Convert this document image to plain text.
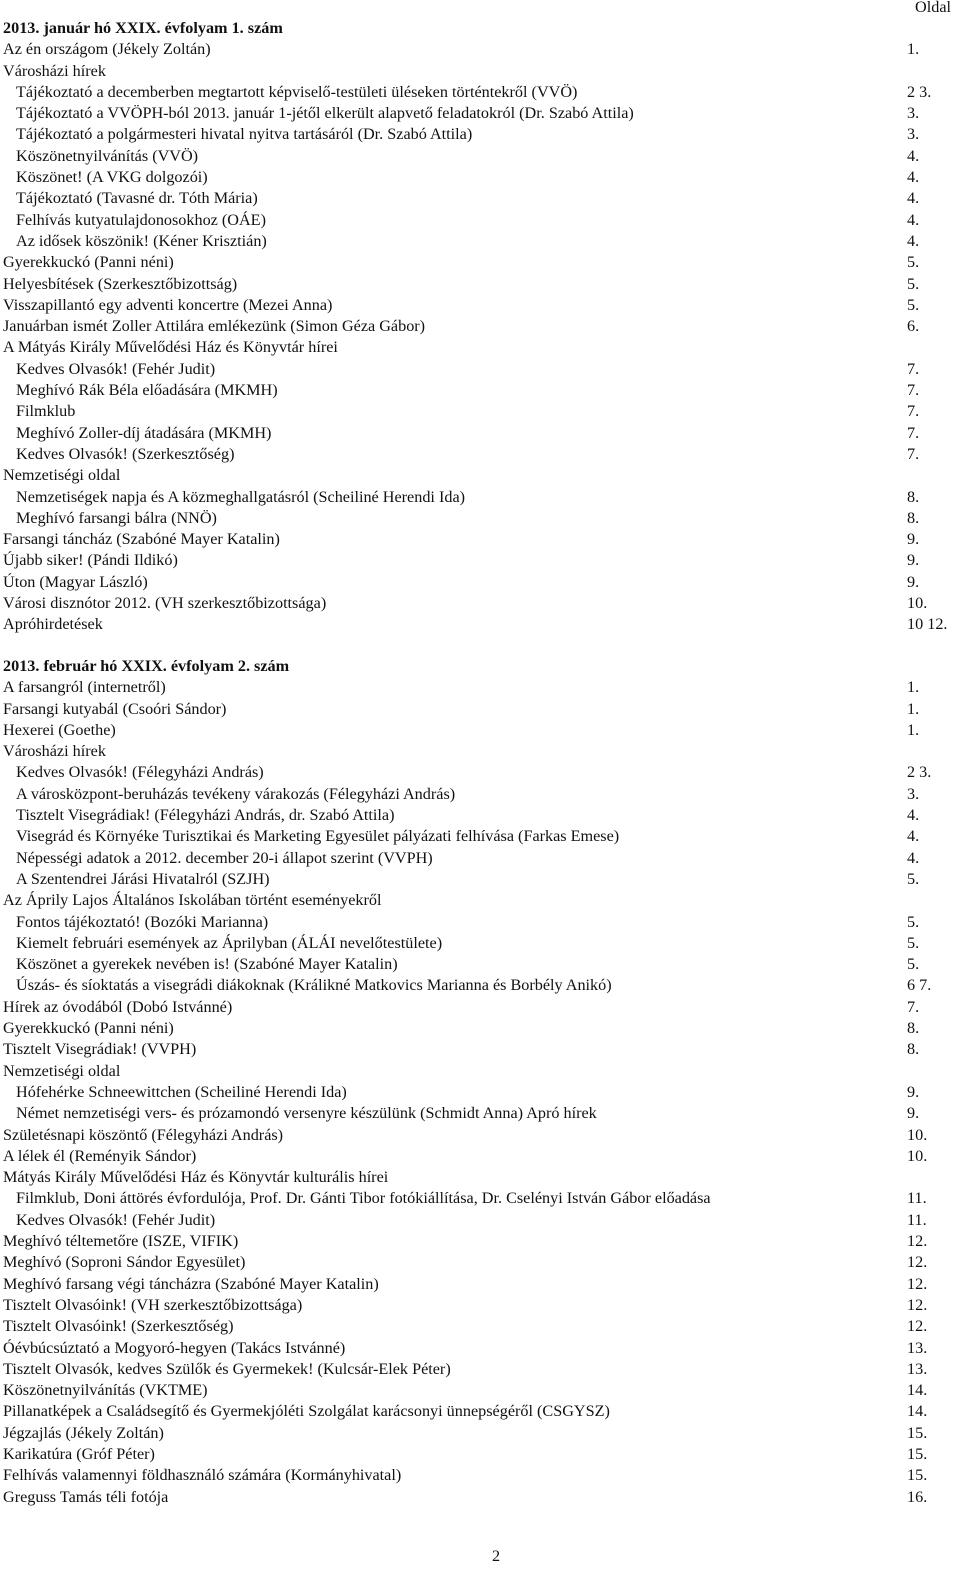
Oldal
2013. január hó XXIX. évfolyam 1. szám
Az én országom (Jékely Zoltán)	1.
Városházi hírek
Tájékoztató a decemberben megtartott képviselő-testületi üléseken történtekről (VVÖ)	2 3.
Tájékoztató a VVÖPH-ból 2013. január 1-jétől elkerült alapvető feladatokról (Dr. Szabó Attila)	3.
Tájékoztató a polgármesteri hivatal nyitva tartásáról (Dr. Szabó Attila)	3.
Köszönetnyilvánítás (VVÖ)	4.
Köszönet! (A VKG dolgozói)	4.
Tájékoztató (Tavasné dr. Tóth Mária)	4.
Felhívás kutyatulajdonosokhoz (OÁE)	4.
Az idősek köszönik! (Kéner Krisztián)	4.
Gyerekkuckó (Panni néni)	5.
Helyesbítések (Szerkesztőbizottság)	5.
Visszapillantó egy adventi koncertre (Mezei Anna)	5.
Januárban ismét Zoller Attilára emlékezünk (Simon Géza Gábor)	6.
A Mátyás Király Művelődési Ház és Könyvtár hírei
Kedves Olvasók! (Fehér Judit)	7.
Meghívó Rák Béla előadására (MKMH)	7.
Filmklub	7.
Meghívó Zoller-díj átadására (MKMH)	7.
Kedves Olvasók! (Szerkesztőség)	7.
Nemzetiségi oldal
Nemzetiségek napja és A közmeghallgatásról (Scheiliné Herendi Ida)	8.
Meghívó farsangi bálra (NNÖ)	8.
Farsangi táncház (Szabóné Mayer Katalin)	9.
Újabb siker! (Pándi Ildikó)	9.
Úton (Magyar László)	9.
Városi disznótor 2012. (VH szerkesztőbizottsága)	10.
Apróhirdetések	10 12.
2013. február hó XXIX. évfolyam 2. szám
A farsangról (internetről)	1.
Farsangi kutyabál (Csoóri Sándor)	1.
Hexerei (Goethe)	1.
Városházi hírek
Kedves Olvasók! (Félegyházi András)	2 3.
A városközpont-beruházás tevékeny várakozás (Félegyházi András)	3.
Tisztelt Visegrádiak! (Félegyházi András, dr. Szabó Attila)	4.
Visegrád és Környéke Turisztikai és Marketing Egyesület pályázati felhívása (Farkas Emese)	4.
Népességi adatok a 2012. december 20-i állapot szerint (VVPH)	4.
A Szentendrei Járási Hivatalról (SZJH)	5.
Az Áprily Lajos Általános Iskolában történt eseményekről
Fontos tájékoztató! (Bozóki Marianna)	5.
Kiemelt februári események az Áprilyban (ÁLÁI nevelőtestülete)	5.
Köszönet a gyerekek nevében is! (Szabóné Mayer Katalin)	5.
Úszás- és síoktatás a visegrádi diákoknak (Králikné Matkovics Marianna és Borbély Anikó)	6 7.
Hírek az óvodából (Dobó Istvánné)	7.
Gyerekkuckó (Panni néni)	8.
Tisztelt Visegrádiak! (VVPH)	8.
Nemzetiségi oldal
Hófehérke Schneewittchen (Scheiliné Herendi Ida)	9.
Német nemzetiségi vers- és prózamondó versenyre készülünk (Schmidt Anna) Apró hírek	9.
Születésnapi köszöntő (Félegyházi András)	10.
A lélek él (Reményik Sándor)	10.
Mátyás Király Művelődési Ház és Könyvtár kulturális hírei
Filmklub, Doni áttörés évfordulója, Prof. Dr. Gánti Tibor fotókiállítása, Dr. Cselényi István Gábor előadása	11.
Kedves Olvasók! (Fehér Judit)	11.
Meghívó téltemetőre (ISZE, VIFIK)	12.
Meghívó (Soproni Sándor Egyesület)	12.
Meghívó farsang végi táncházra (Szabóné Mayer Katalin)	12.
Tisztelt Olvasóink! (VH szerkesztőbizottsága)	12.
Tisztelt Olvasóink! (Szerkesztőség)	12.
Óévbúcsúztató a Mogyoró-hegyen (Takács Istvánné)	13.
Tisztelt Olvasók, kedves Szülők és Gyermekek! (Kulcsár-Elek Péter)	13.
Köszönetnyilvánítás (VKTME)	14.
Pillanatképek a Családsegítő és Gyermekjóléti Szolgálat karácsonyi ünnepségéről (CSGYSZ)	14.
Jégzajlás (Jékely Zoltán)	15.
Karikatúra (Gróf Péter)	15.
Felhívás valamennyi földhasználó számára (Kormányhivatal)	15.
Greguss Tamás téli fotója	16.
2
